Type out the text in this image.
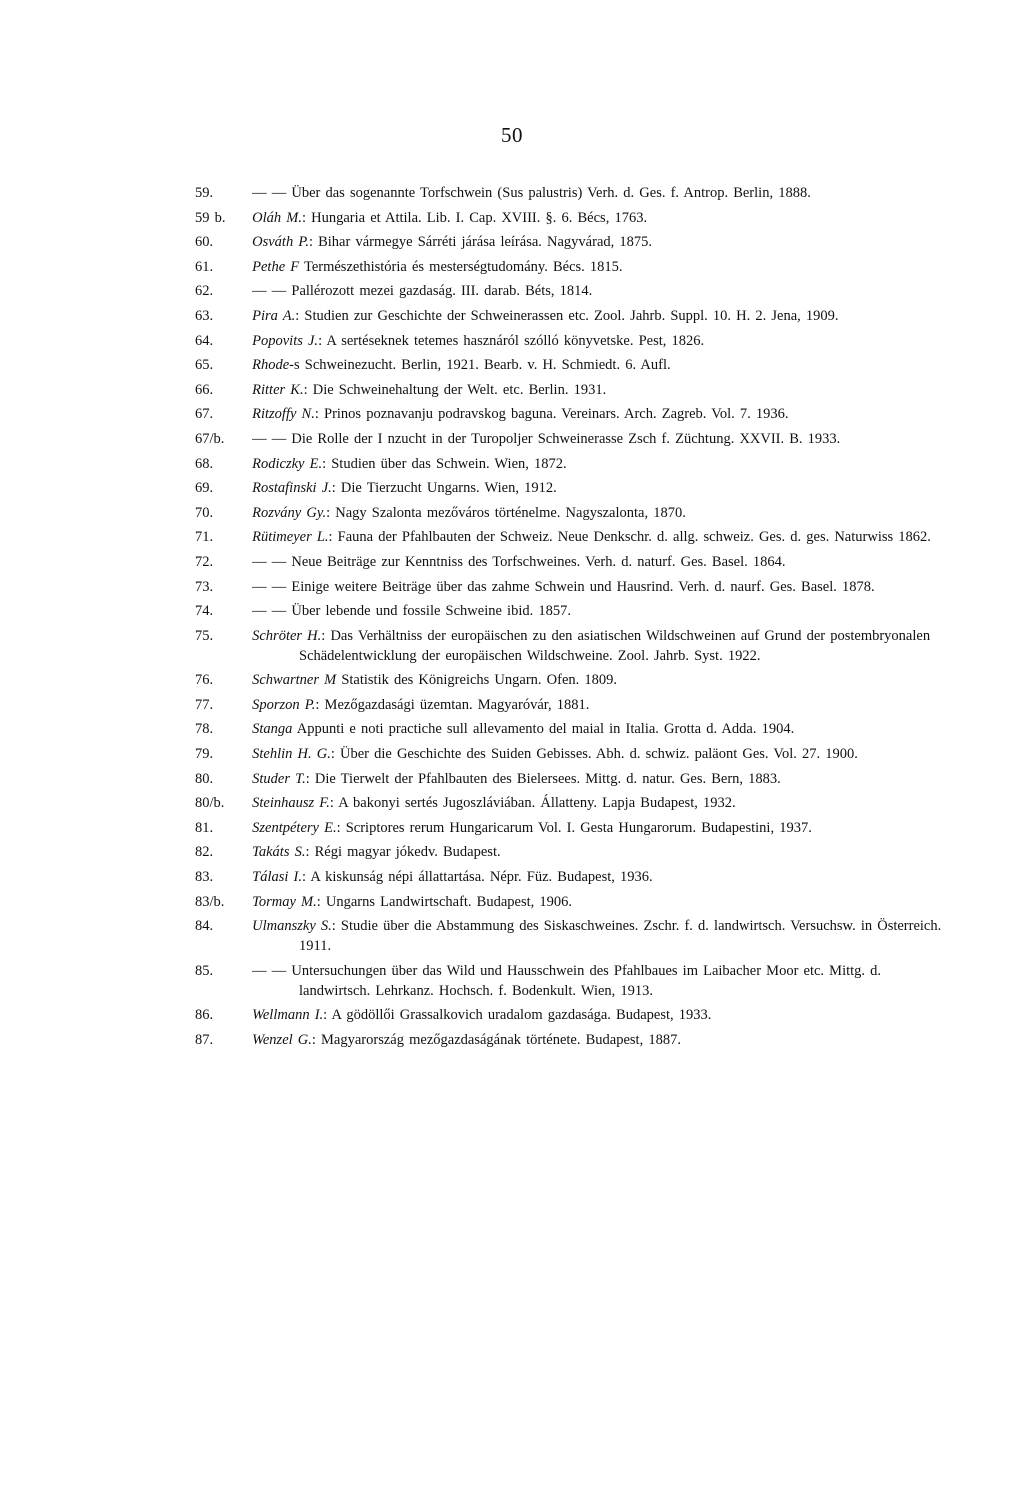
50
59.	— — Über das sogenannte Torfschwein (Sus palustris) Verh. d. Ges. f. Antrop. Berlin, 1888.
59 b. Oláh M.: Hungaria et Attila. Lib. I. Cap. XVIII. §. 6. Bécs, 1763.
60.	Osváth P.: Bihar vármegye Sárréti járása leírása. Nagyvárad, 1875.
61.	Pethe F Természethistória és mesterségtudomány. Bécs. 1815.
62.	— — Pallérozott mezei gazdaság. III. darab. Béts, 1814.
63.	Pira A.: Studien zur Geschichte der Schweinerassen etc. Zool. Jahrb. Suppl. 10. H. 2. Jena, 1909.
64.	Popovits J.: A sertéseknek tetemes hasznáról szólló könyvetske. Pest, 1826.
65.	Rhode-s Schweinezucht. Berlin, 1921. Bearb. v. H. Schmiedt. 6. Aufl.
66.	Ritter K.: Die Schweinehaltung der Welt. etc. Berlin. 1931.
67.	Ritzoffy N.: Prinos poznavanju podravskog baguna. Vereinars. Arch. Zagreb. Vol. 7. 1936.
67/b. — — Die Rolle der I nzucht in der Turopoljer Schweinerasse Zsch f. Züchtung. XXVII. B. 1933.
68.	Rodiczky E.: Studien über das Schwein. Wien, 1872.
69.	Rostafinski J.: Die Tierzucht Ungarns. Wien, 1912.
70.	Rozvány Gy.: Nagy Szalonta mezőváros történelme. Nagyszalonta, 1870.
71.	Rütimeyer L.: Fauna der Pfahlbauten der Schweiz. Neue Denkschr. d. allg. schweiz. Ges. d. ges. Naturwiss 1862.
72.	— — Neue Beiträge zur Kenntniss des Torfschweines. Verh. d. naturf. Ges. Basel. 1864.
73.	— — Einige weitere Beiträge über das zahme Schwein und Hausrind. Verh. d. naurf. Ges. Basel. 1878.
74.	— — Über lebende und fossile Schweine ibid. 1857.
75.	Schröter H.: Das Verhältniss der europäischen zu den asiatischen Wildschweinen auf Grund der postembryonalen Schädelentwicklung der europäischen Wildschweine. Zool. Jahrb. Syst. 1922.
76.	Schwartner M Statistik des Königreichs Ungarn. Ofen. 1809.
77.	Sporzon P.: Mezőgazdasági üzemtan. Magyaróvár, 1881.
78.	Stanga Appunti e noti practiche sull allevamento del maial in Italia. Grotta d. Adda. 1904.
79.	Stehlin H. G.: Über die Geschichte des Suiden Gebisses. Abh. d. schwiz. paläont Ges. Vol. 27. 1900.
80.	Studer T.: Die Tierwelt der Pfahlbauten des Bielersees. Mittg. d. natur. Ges. Bern, 1883.
80/b. Steinhausz F.: A bakonyi sertés Jugoszláviában. Állatteny. Lapja Budapest, 1932.
81.	Szentpétery E.: Scriptores rerum Hungaricarum Vol. I. Gesta Hungarorum. Budapestini, 1937.
82.	Takáts S.: Régi magyar jókedv. Budapest.
83.	Tálasi I.: A kiskunság népi állattartása. Népr. Füz. Budapest, 1936.
83/b. Tormay M.: Ungarns Landwirtschaft. Budapest, 1906.
84.	Ulmanszky S.: Studie über die Abstammung des Siskaschweines. Zschr. f. d. landwirtsch. Versuchsw. in Österreich. 1911.
85.	— — Untersuchungen über das Wild und Hausschwein des Pfahlbaues im Laibacher Moor etc. Mittg. d. landwirtsch. Lehrkanz. Hochsch. f. Bodenkult. Wien, 1913.
86.	Wellmann I.: A gödöllői Grassalkovich uradalom gazdasága. Budapest, 1933.
87.	Wenzel G.: Magyarország mezőgazdaságának története. Budapest, 1887.
